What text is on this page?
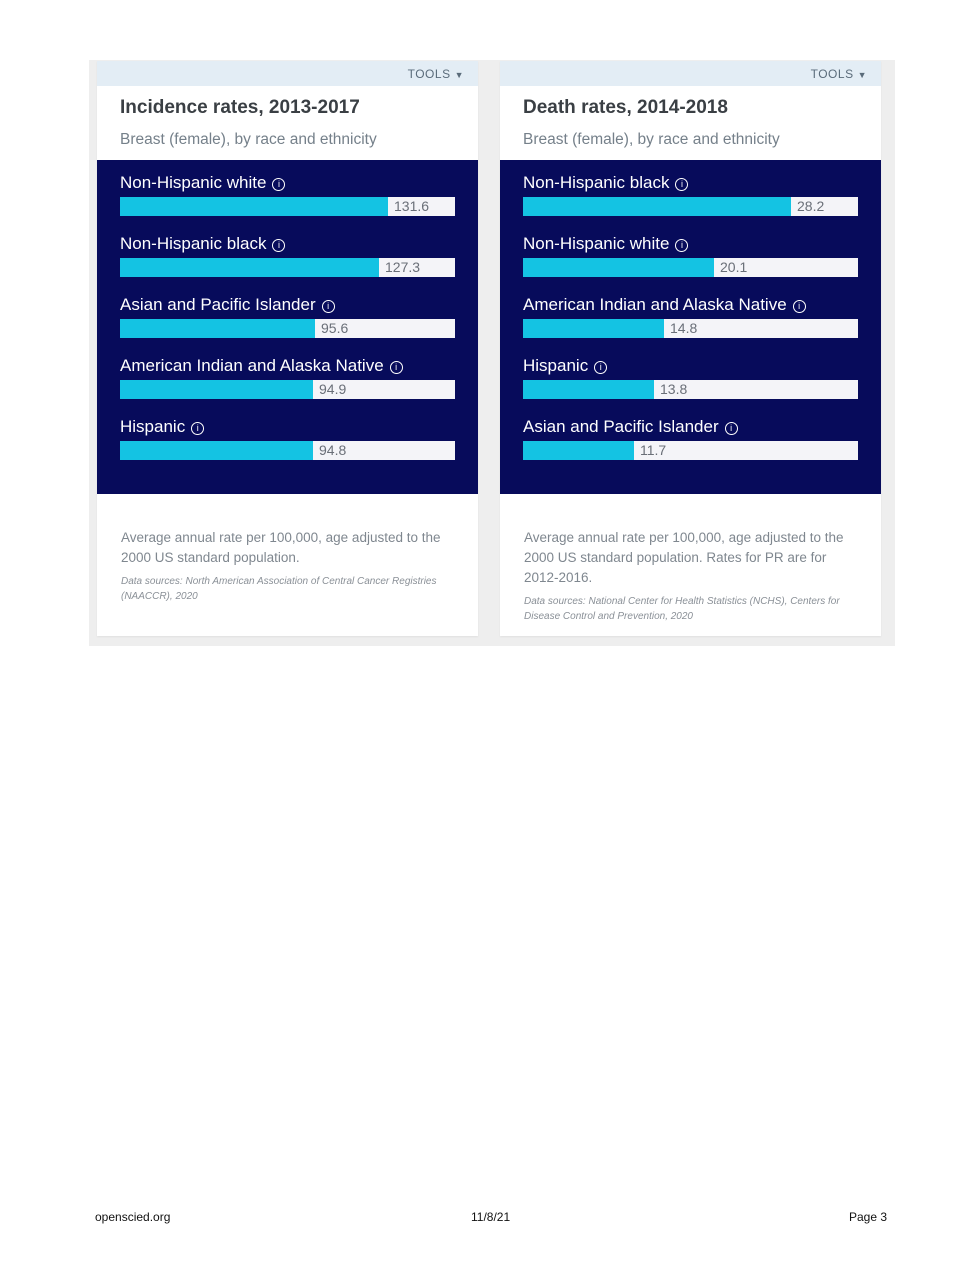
TOOLS ▼
Incidence rates, 2013-2017
Breast (female), by race and ethnicity
Non-Hispanic white i
131.6
Non-Hispanic black i
127.3
Asian and Pacific Islander i
95.6
American Indian and Alaska Native i
94.9
Hispanic i
94.8
Average annual rate per 100,000, age adjusted to the 2000 US standard population.
Data sources: North American Association of Central Cancer Registries (NAACCR), 2020
TOOLS ▼
Death rates, 2014-2018
Breast (female), by race and ethnicity
Non-Hispanic black i
28.2
Non-Hispanic white i
20.1
American Indian and Alaska Native i
14.8
Hispanic i
13.8
Asian and Pacific Islander i
11.7
Average annual rate per 100,000, age adjusted to the 2000 US standard population. Rates for PR are for 2012-2016.
Data sources: National Center for Health Statistics (NCHS), Centers for Disease Control and Prevention, 2020
openscied.org	11/8/21	Page 3
